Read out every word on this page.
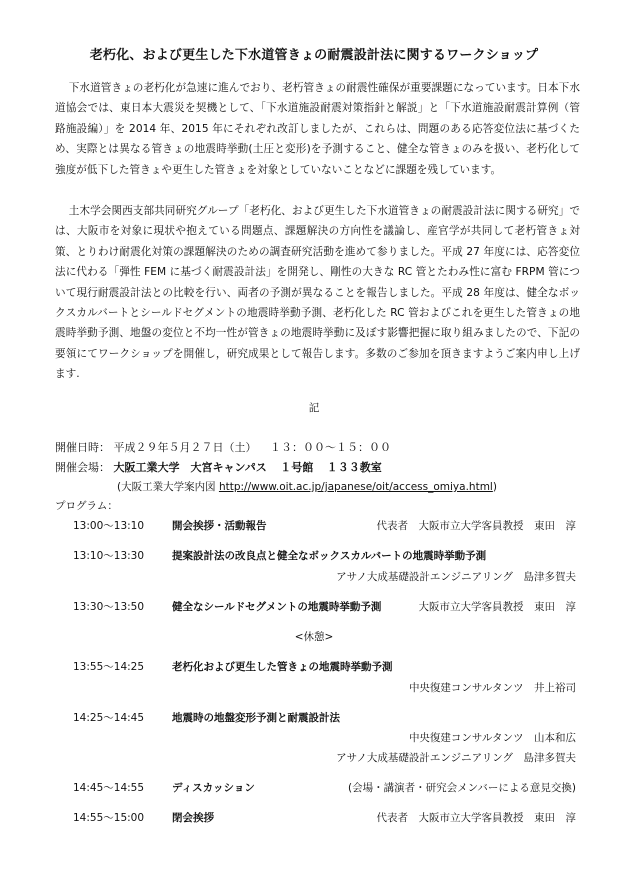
老朽化、および更生した下水道管きょの耐震設計法に関するワークショップ

下水道管きょの老朽化が急速に進んでおり、老朽管きょの耐震性確保が重要課題になっています。日本下水道協会では、東日本大震災を契機として、「下水道施設耐震対策指針と解説」と「下水道施設耐震計算例（管路施設編）」を 2014 年、2015 年にそれぞれ改訂しましたが、これらは、問題のある応答変位法に基づくため、実際とは異なる管きょの地震時挙動(土圧と変形)を予測すること、健全な管きょのみを扱い、老朽化して強度が低下した管きょや更生した管きょを対象としていないことなどに課題を残しています。

土木学会関西支部共同研究グループ「老朽化、および更生した下水道管きょの耐震設計法に関する研究」では、大阪市を対象に現状や抱えている問題点、課題解決の方向性を議論し、産官学が共同して老朽管きょ対策、とりわけ耐震化対策の課題解決のための調査研究活動を進めて参りました。平成 27 年度には、応答変位法に代わる「弾性 FEM に基づく耐震設計法」を開発し、剛性の大きな RC 管とたわみ性に富む FRPM 管について現行耐震設計法との比較を行い、両者の予測が異なることを報告しました。平成 28 年度は、健全なボックスカルバートとシールドセグメントの地震時挙動予測、老朽化した RC 管およびこれを更生した管きょの地震時挙動予測、地盤の変位と不均一性が管きょの地震時挙動に及ぼす影響把握に取り組みましたので、下記の要領にてワークショップを開催し，研究成果として報告します。多数のご参加を頂きますようご案内申し上げます.

記
開催日時： 平成２９年５月２７日（土） １３：００～１５：００
開催会場： 大阪工業大学　大宮キャンパス １号館 １３３教室
(大阪工業大学案内図 http://www.oit.ac.jp/japanese/oit/access_omiya.html)
プログラム：
13:00～13:10	開会挨拶・活動報告	代表者　大阪市立大学客員教授　東田　淳
13:10～13:30	提案設計法の改良点と健全なボックスカルバートの地震時挙動予測
アサノ大成基礎設計エンジニアリング　島津多賀夫
13:30～13:50	健全なシールドセグメントの地震時挙動予測	大阪市立大学客員教授　東田　淳
<休憩>
13:55～14:25	老朽化および更生した管きょの地震時挙動予測
中央復建コンサルタンツ　井上裕司
14:25～14:45	地震時の地盤変形予測と耐震設計法
中央復建コンサルタンツ　山本和広
アサノ大成基礎設計エンジニアリング　島津多賀夫
14:45～14:55	ディスカッション	(会場・講演者・研究会メンバーによる意見交換)
14:55～15:00	閉会挨拶	代表者　大阪市立大学客員教授　東田　淳
